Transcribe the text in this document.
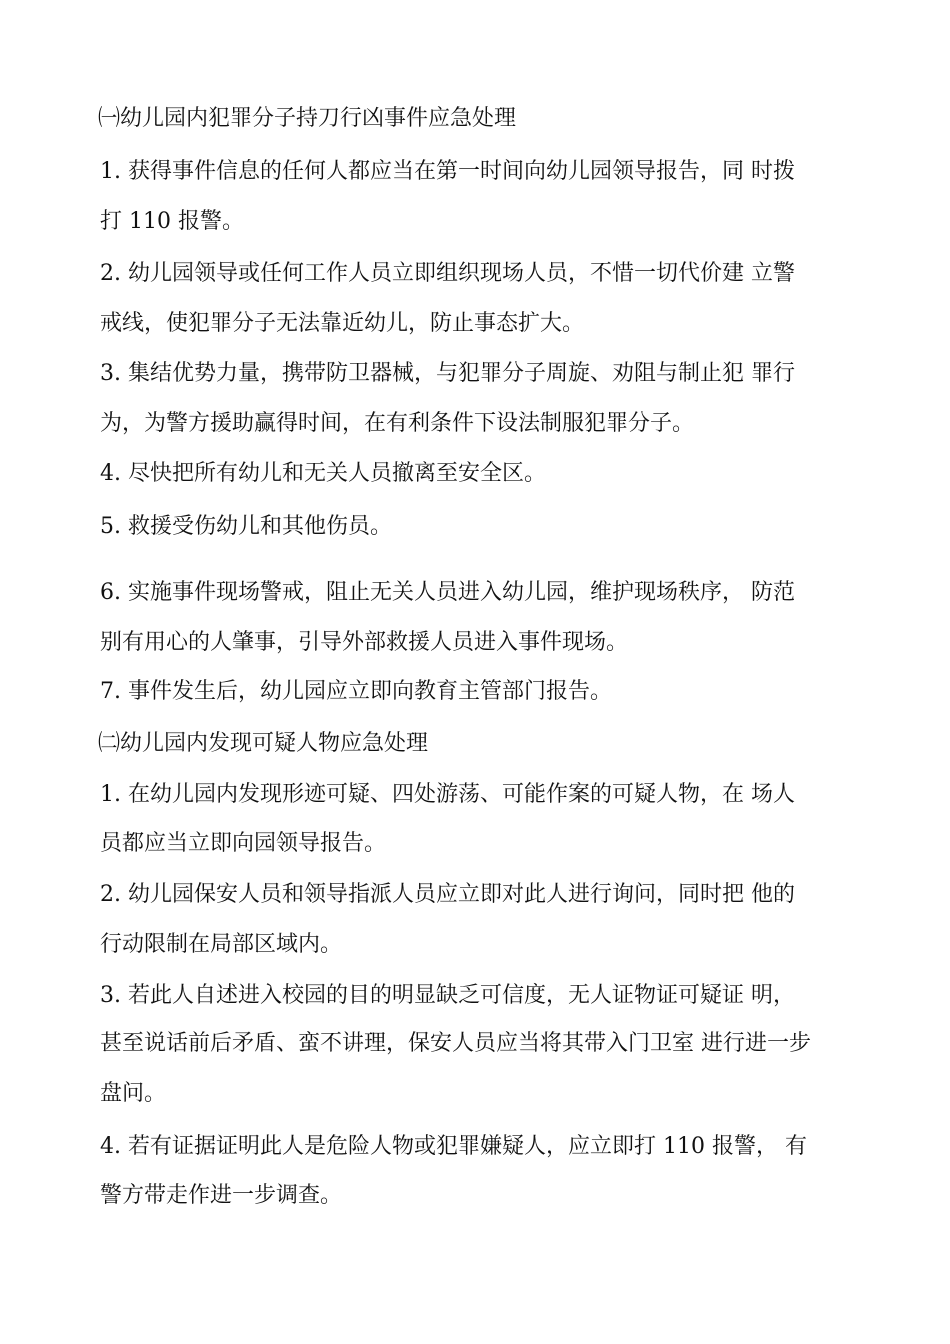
㈠幼儿园内犯罪分子持刀行凶事件应急处理
1. 获得事件信息的任何人都应当在第一时间向幼儿园领导报告，同 时拨
打 110 报警。
2. 幼儿园领导或任何工作人员立即组织现场人员，不惜一切代价建 立警
戒线，使犯罪分子无法靠近幼儿，防止事态扩大。
3. 集结优势力量，携带防卫器械，与犯罪分子周旋、劝阻与制止犯 罪行
为，为警方援助赢得时间，在有利条件下设法制服犯罪分子。
4. 尽快把所有幼儿和无关人员撤离至安全区。
5. 救援受伤幼儿和其他伤员。
6. 实施事件现场警戒，阻止无关人员进入幼儿园，维护现场秩序， 防范
别有用心的人肇事，引导外部救援人员进入事件现场。
7. 事件发生后，幼儿园应立即向教育主管部门报告。
㈡幼儿园内发现可疑人物应急处理
1. 在幼儿园内发现形迹可疑、四处游荡、可能作案的可疑人物，在 场人
员都应当立即向园领导报告。
2. 幼儿园保安人员和领导指派人员应立即对此人进行询问，同时把 他的
行动限制在局部区域内。
3. 若此人自述进入校园的目的明显缺乏可信度，无人证物证可疑证 明，
甚至说话前后矛盾、蛮不讲理，保安人员应当将其带入门卫室 进行进一步
盘问。
4. 若有证据证明此人是危险人物或犯罪嫌疑人，应立即打 110 报警， 有
警方带走作进一步调查。
